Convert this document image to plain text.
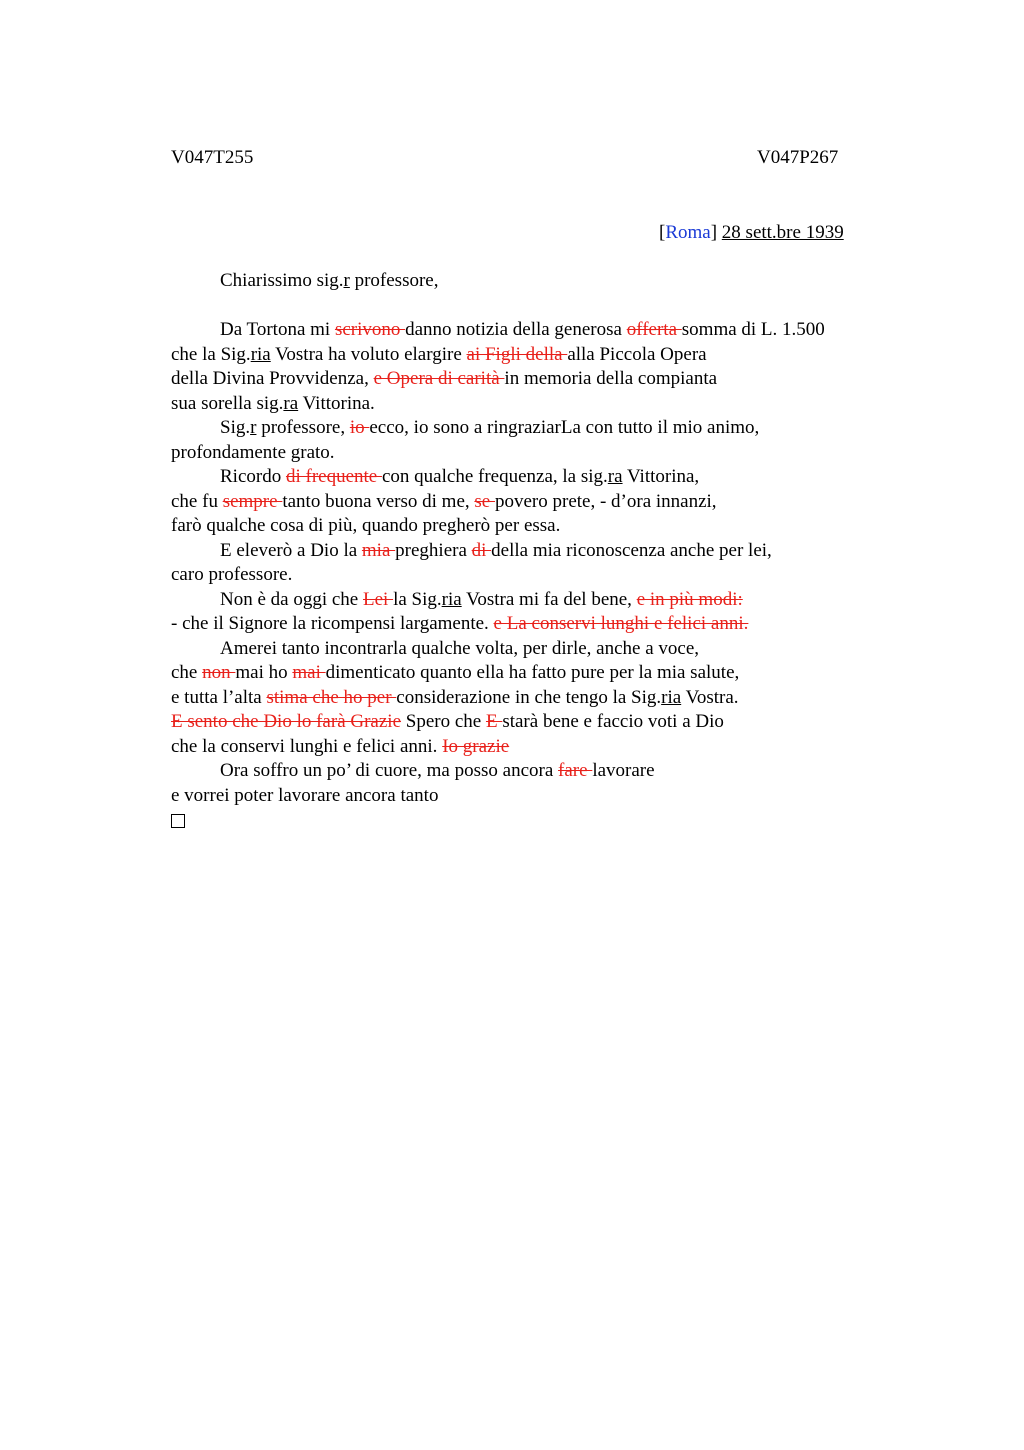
V047T255	V047P267
[Roma] 28 sett.bre 1939
Chiarissimo sig.r professore,
Da Tortona mi scrivono danno notizia della generosa offerta somma di L. 1.500
che la Sig.ria Vostra ha voluto elargire ai Figli della alla Piccola Opera
della Divina Provvidenza, e Opera di carità in memoria della compianta
sua sorella sig.ra Vittorina.
Sig.r professore, io ecco, io sono a ringraziarLa con tutto il mio animo,
profondamente grato.
Ricordo di frequente con qualche frequenza, la sig.ra Vittorina,
che fu sempre tanto buona verso di me, se povero prete, - d’ora innanzi,
farò qualche cosa di più, quando pregherò per essa.
E eleverò a Dio la mia preghiera di della mia riconoscenza anche per lei,
caro professore.
Non è da oggi che Lei la Sig.ria Vostra mi fa del bene, e in più modi:
- che il Signore la ricompensi largamente. e La conservi lunghi e felici anni.
Amerei tanto incontrarla qualche volta, per dirle, anche a voce,
che non mai ho mai dimenticato quanto ella ha fatto pure per la mia salute,
e tutta l’alta stima che ho per considerazione in che tengo la Sig.ria Vostra.
E sento che Dio lo farà Grazie Spero che E starà bene e faccio voti a Dio
che la conservi lunghi e felici anni. Io grazie
Ora soffro un po’ di cuore, ma posso ancora fare lavorare
e vorrei poter lavorare ancora tanto
